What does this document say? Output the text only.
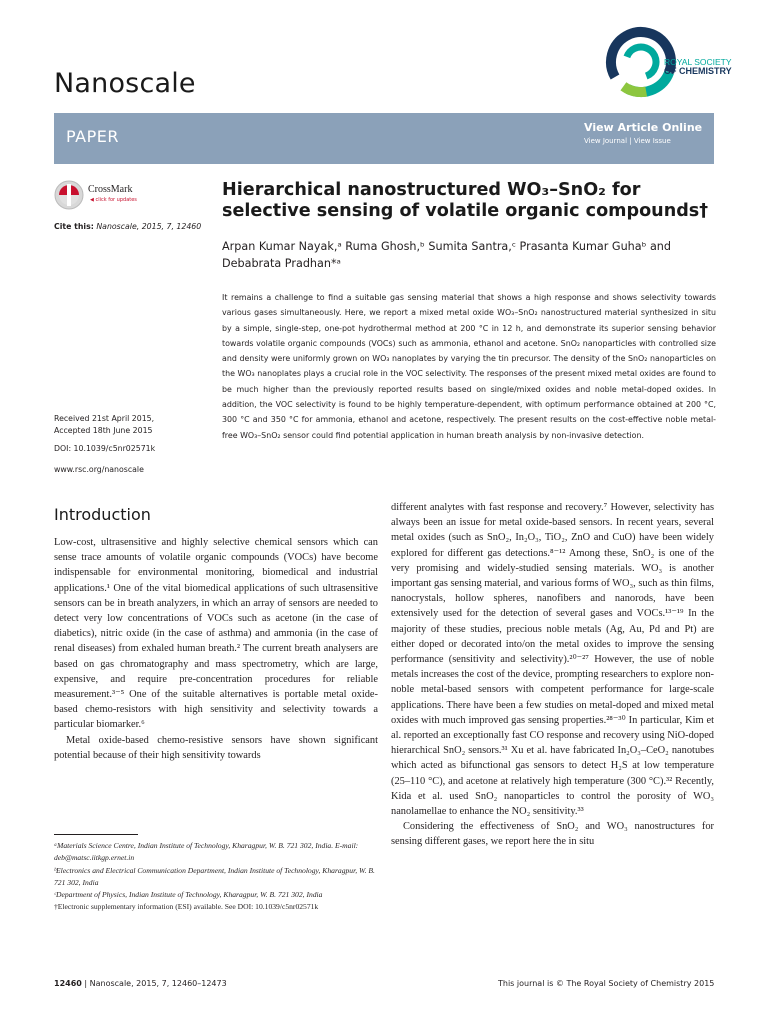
Nanoscale
ROYAL SOCIETY
OF CHEMISTRY
PAPER	View Article Online
View Journal | View Issue
CrossMark
◀ click for updates
Cite this: Nanoscale, 2015, 7, 12460
Received 21st April 2015,
Accepted 18th June 2015
DOI: 10.1039/c5nr02571k
www.rsc.org/nanoscale
Hierarchical nanostructured WO₃–SnO₂ for selective sensing of volatile organic compounds†
Arpan Kumar Nayak,ᵃ Ruma Ghosh,ᵇ Sumita Santra,ᶜ Prasanta Kumar Guhaᵇ and Debabrata Pradhan*ᵃ
It remains a challenge to find a suitable gas sensing material that shows a high response and shows selectivity towards various gases simultaneously. Here, we report a mixed metal oxide WO₃–SnO₂ nanostructured material synthesized in situ by a simple, single-step, one-pot hydrothermal method at 200 °C in 12 h, and demonstrate its superior sensing behavior towards volatile organic compounds (VOCs) such as ammonia, ethanol and acetone. SnO₂ nanoparticles with controlled size and density were uniformly grown on WO₃ nanoplates by varying the tin precursor. The density of the SnO₂ nanoparticles on the WO₃ nanoplates plays a crucial role in the VOC selectivity. The responses of the present mixed metal oxides are found to be much higher than the previously reported results based on single/mixed oxides and noble metal-doped oxides. In addition, the VOC selectivity is found to be highly temperature-dependent, with optimum performance obtained at 200 °C, 300 °C and 350 °C for ammonia, ethanol and acetone, respectively. The present results on the cost-effective noble metal-free WO₃–SnO₂ sensor could find potential application in human breath analysis by non-invasive detection.
Introduction

Low-cost, ultrasensitive and highly selective chemical sensors which can sense trace amounts of volatile organic compounds (VOCs) have become indispensable for environmental monitoring, biomedical and industrial applications.¹ One of the vital biomedical applications of such ultrasensitive sensors can be in breath analyzers, in which an array of sensors are needed to detect very low concentrations of VOCs such as acetone (in the case of diabetics), nitric oxide (in the case of asthma) and ammonia (in the case of renal diseases) from exhaled human breath.² The current breath analysers are based on gas chromatography and mass spectrometry, which are large, expensive, and require pre-concentration procedures for reliable measurement.³⁻⁵ One of the suitable alternatives is portable metal oxide-based chemo-resistors with high sensitivity and selectivity towards a particular biomarker.⁶

Metal oxide-based chemo-resistive sensors have shown significant potential because of their high sensitivity towards

different analytes with fast response and recovery.⁷ However, selectivity has always been an issue for metal oxide-based sensors. In recent years, several metal oxides (such as SnO₂, In₂O₃, TiO₂, ZnO and CuO) have been widely explored for different gas detections.⁸⁻¹² Among these, SnO₂ is one of the very promising and widely-studied sensing materials. WO₃ is another important gas sensing material, and various forms of WO₃, such as thin films, nanocrystals, hollow spheres, nanofibers and nanorods, have been extensively used for the detection of several gases and VOCs.¹³⁻¹⁹ In the majority of these studies, precious noble metals (Ag, Au, Pd and Pt) are either doped or decorated into/on the metal oxides to improve the sensing performance (sensitivity and selectivity).²⁰⁻²⁷ However, the use of noble metals increases the cost of the device, prompting researchers to explore non-noble metal-based sensors with competent performance for large-scale applications. There have been a few studies on metal-doped and mixed metal oxides with much improved gas sensing properties.²⁸⁻³⁰ In particular, Kim et al. reported an exceptionally fast CO response and recovery using NiO-doped hierarchical SnO₂ sensors.³¹ Xu et al. have fabricated In₂O₃–CeO₂ nanotubes which acted as bifunctional gas sensors to detect H₂S at low temperature (25–110 °C), and acetone at relatively high temperature (300 °C).³² Recently, Kida et al. used SnO₂ nanoparticles to control the porosity of WO₃ nanolamellae to enhance the NO₂ sensitivity.³³

Considering the effectiveness of SnO₂ and WO₃ nanostructures for sensing different gases, we report here the in situ

ᵃMaterials Science Centre, Indian Institute of Technology, Kharagpur, W. B. 721 302, India. E-mail: deb@matsc.iitkgp.ernet.in

ᵇElectronics and Electrical Communication Department, Indian Institute of Technology, Kharagpur, W. B. 721 302, India

ᶜDepartment of Physics, Indian Institute of Technology, Kharagpur, W. B. 721 302, India

†Electronic supplementary information (ESI) available. See DOI: 10.1039/c5nr02571k

12460 | Nanoscale, 2015, 7, 12460–12473	This journal is © The Royal Society of Chemistry 2015
